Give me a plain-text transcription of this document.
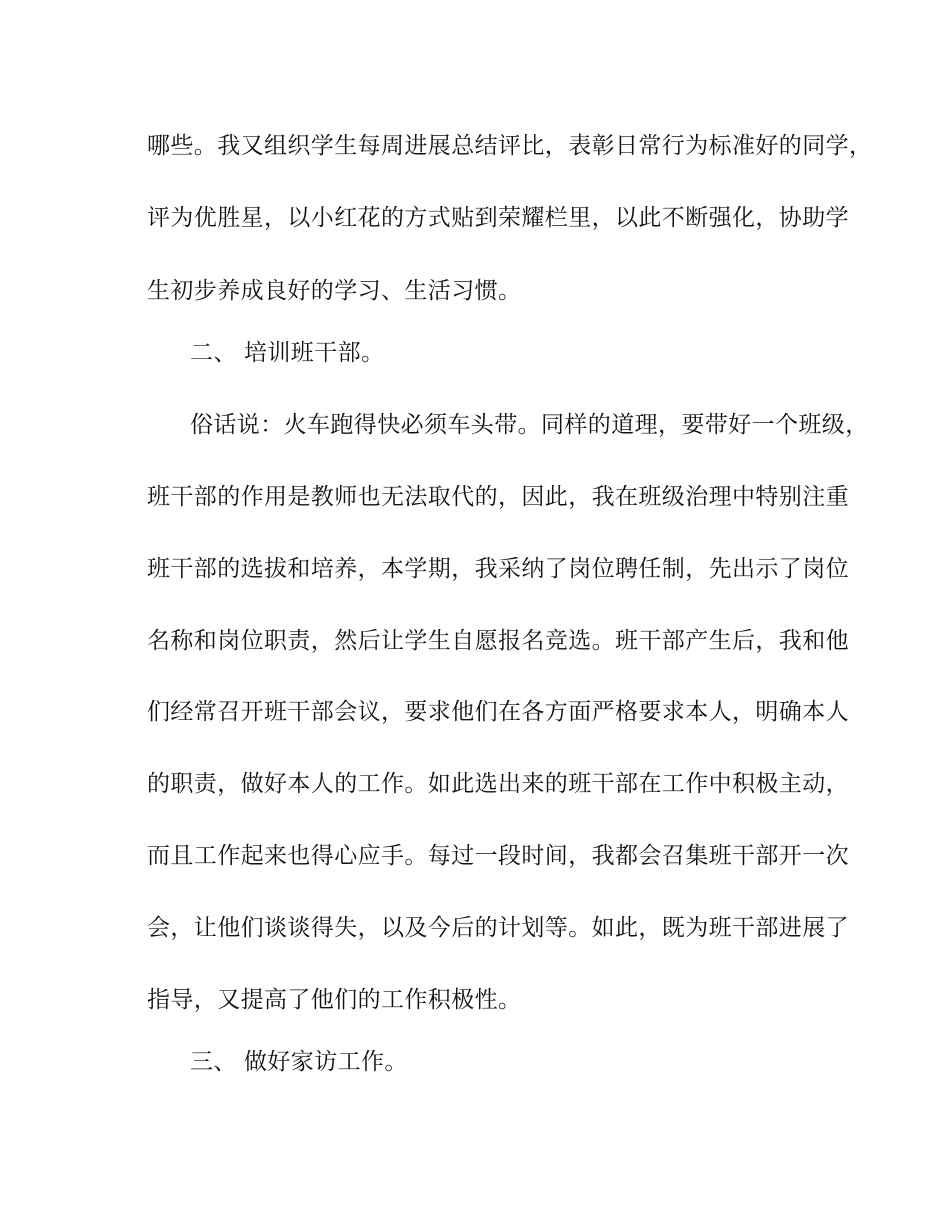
哪些。我又组织学生每周进展总结评比，表彰日常行为标准好的同学，
评为优胜星，以小红花的方式贴到荣耀栏里，以此不断强化，协助学
生初步养成良好的学习、生活习惯。
二、 培训班干部。
俗话说：火车跑得快必须车头带。同样的道理，要带好一个班级，
班干部的作用是教师也无法取代的，因此，我在班级治理中特别注重
班干部的选拔和培养，本学期，我采纳了岗位聘任制，先出示了岗位
名称和岗位职责，然后让学生自愿报名竞选。班干部产生后，我和他
们经常召开班干部会议，要求他们在各方面严格要求本人，明确本人
的职责，做好本人的工作。如此选出来的班干部在工作中积极主动，
而且工作起来也得心应手。每过一段时间，我都会召集班干部开一次
会，让他们谈谈得失，以及今后的计划等。如此，既为班干部进展了
指导，又提高了他们的工作积极性。
三、 做好家访工作。
